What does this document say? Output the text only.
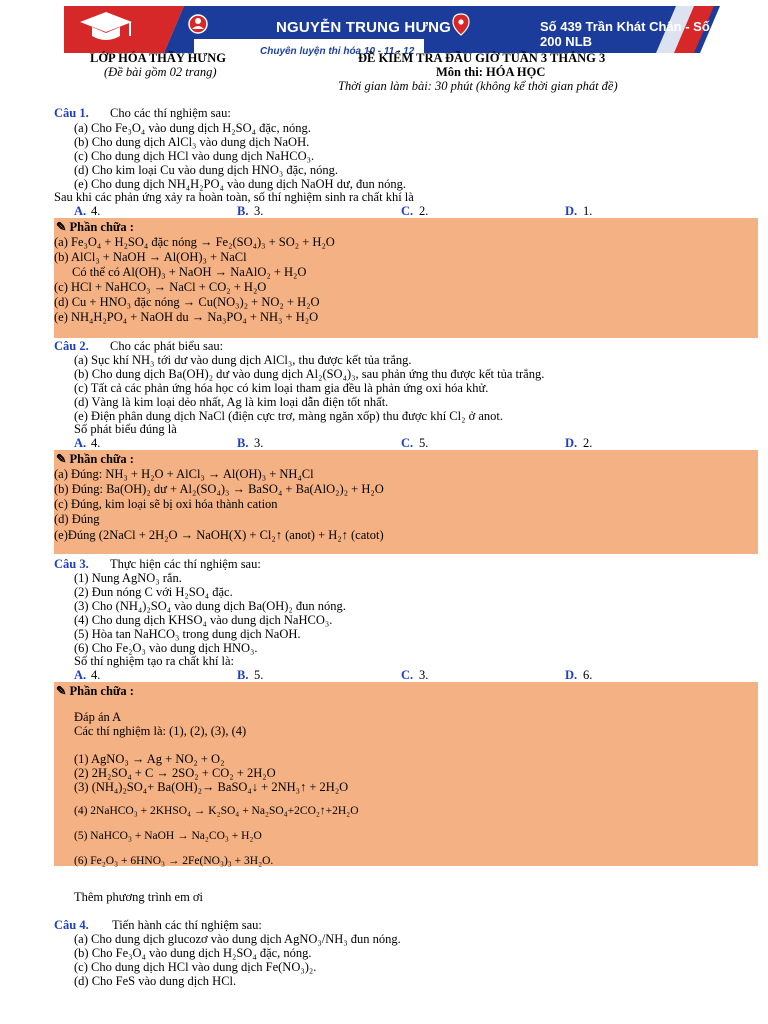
NGUYỄN TRUNG HƯNG	Số 439 Trần Khát Chân - Số 200 NLB
Chuyên luyện thi hóa 10 - 11 - 12
LỚP HÓA THẦY HƯNG
(Đề bài gồm 02 trang)
ĐỀ KIỂM TRA ĐẦU GIỜ TUẦN 3 THÁNG 3
Môn thi: HÓA HỌC
Thời gian làm bài: 30 phút (không kể thời gian phát đề)
Câu 1. Cho các thí nghiệm sau:
(a) Cho Fe₃O₄ vào dung dịch H₂SO₄ đặc, nóng.
(b) Cho dung dịch AlCl₃ vào dung dịch NaOH.
(c) Cho dung dịch HCl vào dung dịch NaHCO₃.
(d) Cho kim loại Cu vào dung dịch HNO₃ đặc, nóng.
(e) Cho dung dịch NH₄H₂PO₄ vào dung dịch NaOH dư, đun nóng.
Sau khi các phản ứng xảy ra hoàn toàn, số thí nghiệm sinh ra chất khí là
A. 4.	B. 3.	C. 2.	D. 1.
✎ Phần chữa :
(a) Fe₃O₄ + H₂SO₄ đặc nóng → Fe₂(SO₄)₃ + SO₂ + H₂O
(b) AlCl₃ + NaOH → Al(OH)₃ + NaCl
Có thể có Al(OH)₃ + NaOH → NaAlO₂ + H₂O
(c) HCl + NaHCO₃ → NaCl + CO₂ + H₂O
(d) Cu + HNO₃ đặc nóng → Cu(NO₃)₂ + NO₂ + H₂O
(e) NH₄H₂PO₄ + NaOH du → Na₃PO₄ + NH₃ + H₂O
Câu 2. Cho các phát biểu sau:
(a) Sục khí NH₃ tới dư vào dung dịch AlCl₃, thu được kết tủa trắng.
(b) Cho dung dịch Ba(OH)₂ dư vào dung dịch Al₂(SO₄)₃, sau phản ứng thu được kết tủa trắng.
(c) Tất cả các phản ứng hóa học có kim loại tham gia đều là phản ứng oxi hóa khử.
(d) Vàng là kim loại dẻo nhất, Ag là kim loại dẫn điện tốt nhất.
(e) Điện phân dung dịch NaCl (điện cực trơ, màng ngăn xốp) thu được khí Cl₂ ở anot.
Số phát biểu đúng là
A. 4.	B. 3.	C. 5.	D. 2.
✎ Phần chữa :
(a) Đúng: NH₃ + H₂O + AlCl₃ → Al(OH)₃ + NH₄Cl
(b) Đúng: Ba(OH)₂ dư + Al₂(SO₄)₃ → BaSO₄ + Ba(AlO₂)₂ + H₂O
(c) Đúng, kim loại sẽ bị oxi hóa thành cation
(d) Đúng
(e)Đúng (2NaCl + 2H₂O → NaOH(X) + Cl₂↑ (anot) + H₂↑ (catot)
Câu 3. Thực hiện các thí nghiệm sau:
(1) Nung AgNO₃ rắn.
(2) Đun nóng C với H₂SO₄ đặc.
(3) Cho (NH₄)₂SO₄ vào dung dịch Ba(OH)₂ đun nóng.
(4) Cho dung dịch KHSO₄ vào dung dịch NaHCO₃.
(5) Hòa tan NaHCO₃ trong dung dịch NaOH.
(6) Cho Fe₂O₃ vào dung dịch HNO₃.
Số thí nghiệm tạo ra chất khí là:
A. 4.	B. 5.	C. 3.	D. 6.
✎ Phần chữa :
Đáp án A
Các thí nghiệm là: (1), (2), (3), (4)
(1) AgNO₃ → Ag + NO₂ + O₂
(2) 2H₂SO₄ + C → 2SO₂ + CO₂ + 2H₂O
(3) (NH₄)₂SO₄+ Ba(OH)₂→ BaSO₄↓ + 2NH₃↑ + 2H₂O
(4) 2NaHCO₃ + 2KHSO₄ → K₂SO₄ + Na₂SO₄+2CO₂↑+2H₂O
(5) NaHCO₃ + NaOH → Na₂CO₃ + H₂O
(6) Fe₂O₃ + 6HNO₃ → 2Fe(NO₃)₃ + 3H₂O.
Thêm phương trình em ơi
Câu 4. Tiến hành các thí nghiệm sau:
(a) Cho dung dịch glucozơ vào dung dịch AgNO₃/NH₃ đun nóng.
(b) Cho Fe₃O₄ vào dung dịch H₂SO₄ đặc, nóng.
(c) Cho dung dịch HCl vào dung dịch Fe(NO₃)₂.
(d) Cho FeS vào dung dịch HCl.
